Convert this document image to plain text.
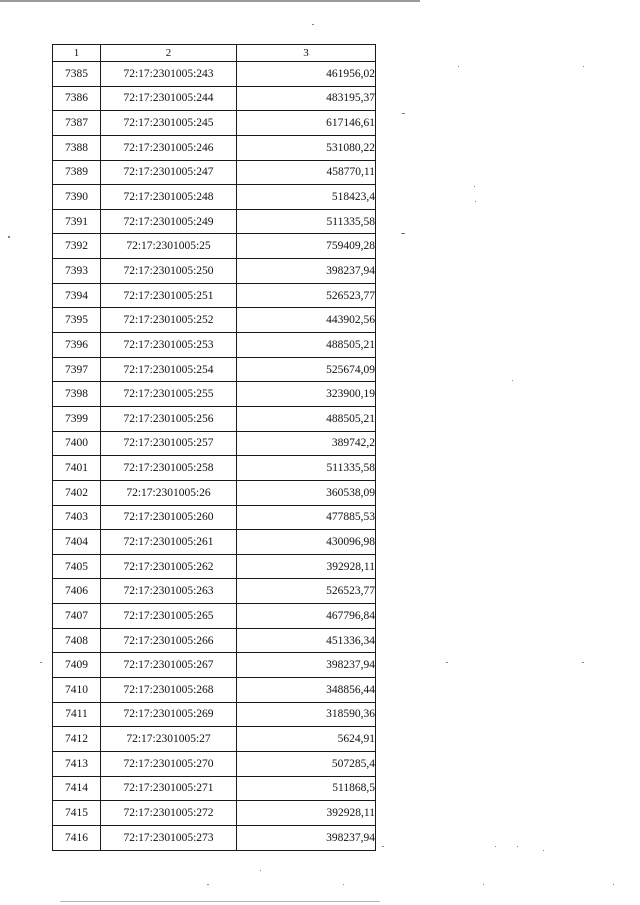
1	2	3
7385	72:17:2301005:243	461956,02
7386	72:17:2301005:244	483195,37
7387	72:17:2301005:245	617146,61
7388	72:17:2301005:246	531080,22
7389	72:17:2301005:247	458770,11
7390	72:17:2301005:248	518423,4
7391	72:17:2301005:249	511335,58
7392	72:17:2301005:25	759409,28
7393	72:17:2301005:250	398237,94
7394	72:17:2301005:251	526523,77
7395	72:17:2301005:252	443902,56
7396	72:17:2301005:253	488505,21
7397	72:17:2301005:254	525674,09
7398	72:17:2301005:255	323900,19
7399	72:17:2301005:256	488505,21
7400	72:17:2301005:257	389742,2
7401	72:17:2301005:258	511335,58
7402	72:17:2301005:26	360538,09
7403	72:17:2301005:260	477885,53
7404	72:17:2301005:261	430096,98
7405	72:17:2301005:262	392928,11
7406	72:17:2301005:263	526523,77
7407	72:17:2301005:265	467796,84
7408	72:17:2301005:266	451336,34
7409	72:17:2301005:267	398237,94
7410	72:17:2301005:268	348856,44
7411	72:17:2301005:269	318590,36
7412	72:17:2301005:27	5624,91
7413	72:17:2301005:270	507285,4
7414	72:17:2301005:271	511868,5
7415	72:17:2301005:272	392928,11
7416	72:17:2301005:273	398237,94
